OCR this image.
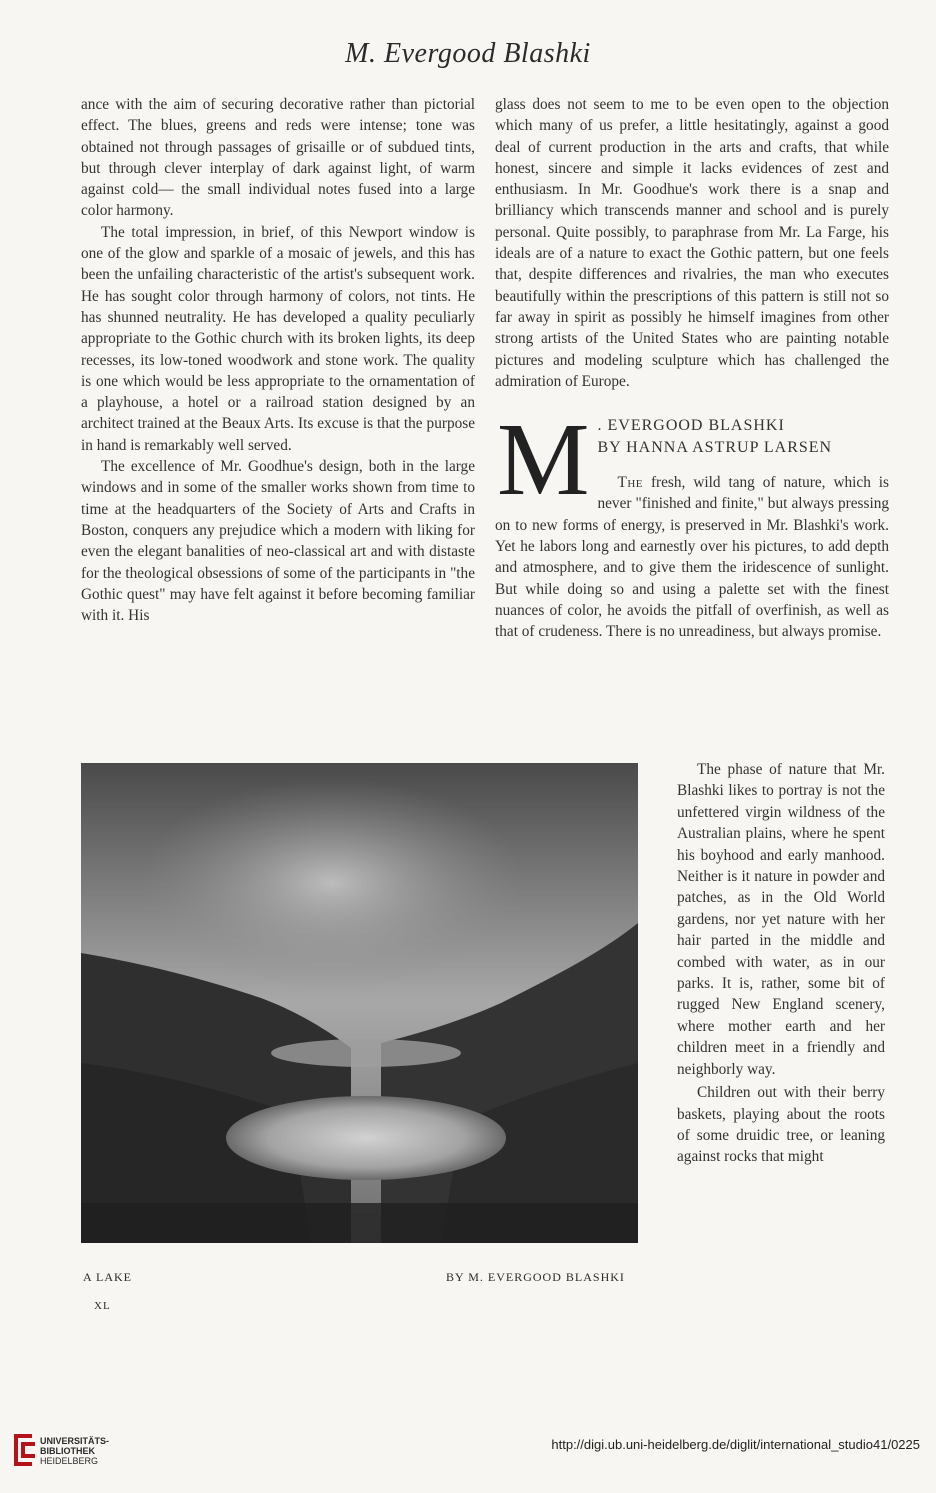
M. Evergood Blashki

ance with the aim of securing decorative rather than pictorial effect. The blues, greens and reds were intense; tone was obtained not through passages of grisaille or of subdued tints, but through clever interplay of dark against light, of warm against cold— the small individual notes fused into a large color harmony.

The total impression, in brief, of this Newport window is one of the glow and sparkle of a mosaic of jewels, and this has been the unfailing characteristic of the artist's subsequent work. He has sought color through harmony of colors, not tints. He has shunned neutrality. He has developed a quality peculiarly appropriate to the Gothic church with its broken lights, its deep recesses, its low-toned woodwork and stone work. The quality is one which would be less appropriate to the ornamentation of a playhouse, a hotel or a railroad station designed by an architect trained at the Beaux Arts. Its excuse is that the purpose in hand is remarkably well served.

The excellence of Mr. Goodhue's design, both in the large windows and in some of the smaller works shown from time to time at the headquarters of the Society of Arts and Crafts in Boston, conquers any prejudice which a modern with liking for even the elegant banalities of neo-classical art and with distaste for the theological obsessions of some of the participants in "the Gothic quest" may have felt against it before becoming familiar with it. His

glass does not seem to me to be even open to the objection which many of us prefer, a little hesitatingly, against a good deal of current production in the arts and crafts, that while honest, sincere and simple it lacks evidences of zest and enthusiasm. In Mr. Goodhue's work there is a snap and brilliancy which transcends manner and school and is purely personal. Quite possibly, to paraphrase from Mr. La Farge, his ideals are of a nature to exact the Gothic pattern, but one feels that, despite differences and rivalries, the man who executes beautifully within the prescriptions of this pattern is still not so far away in spirit as possibly he himself imagines from other strong artists of the United States who are painting notable pictures and modeling sculpture which has challenged the admiration of Europe.

M . EVERGOOD BLASHKI
BY HANNA ASTRUP LARSEN

The fresh, wild tang of nature, which is never "finished and finite," but always pressing on to new forms of energy, is preserved in Mr. Blashki's work. Yet he labors long and earnestly over his pictures, to add depth and atmosphere, and to give them the iridescence of sunlight. But while doing so and using a palette set with the finest nuances of color, he avoids the pitfall of overfinish, as well as that of crudeness. There is no unreadiness, but always promise.

A LAKE	BY M. EVERGOOD BLASHKI

The phase of nature that Mr. Blashki likes to portray is not the unfettered virgin wildness of the Australian plains, where he spent his boyhood and early manhood. Neither is it nature in powder and patches, as in the Old World gardens, nor yet nature with her hair parted in the middle and combed with water, as in our parks. It is, rather, some bit of rugged New England scenery, where mother earth and her children meet in a friendly and neighborly way.

Children out with their berry baskets, playing about the roots of some druidic tree, or leaning against rocks that might

XL
UNIVERSITÄTS-
BIBLIOTHEK
HEIDELBERG
http://digi.ub.uni-heidelberg.de/diglit/international_studio41/0225
